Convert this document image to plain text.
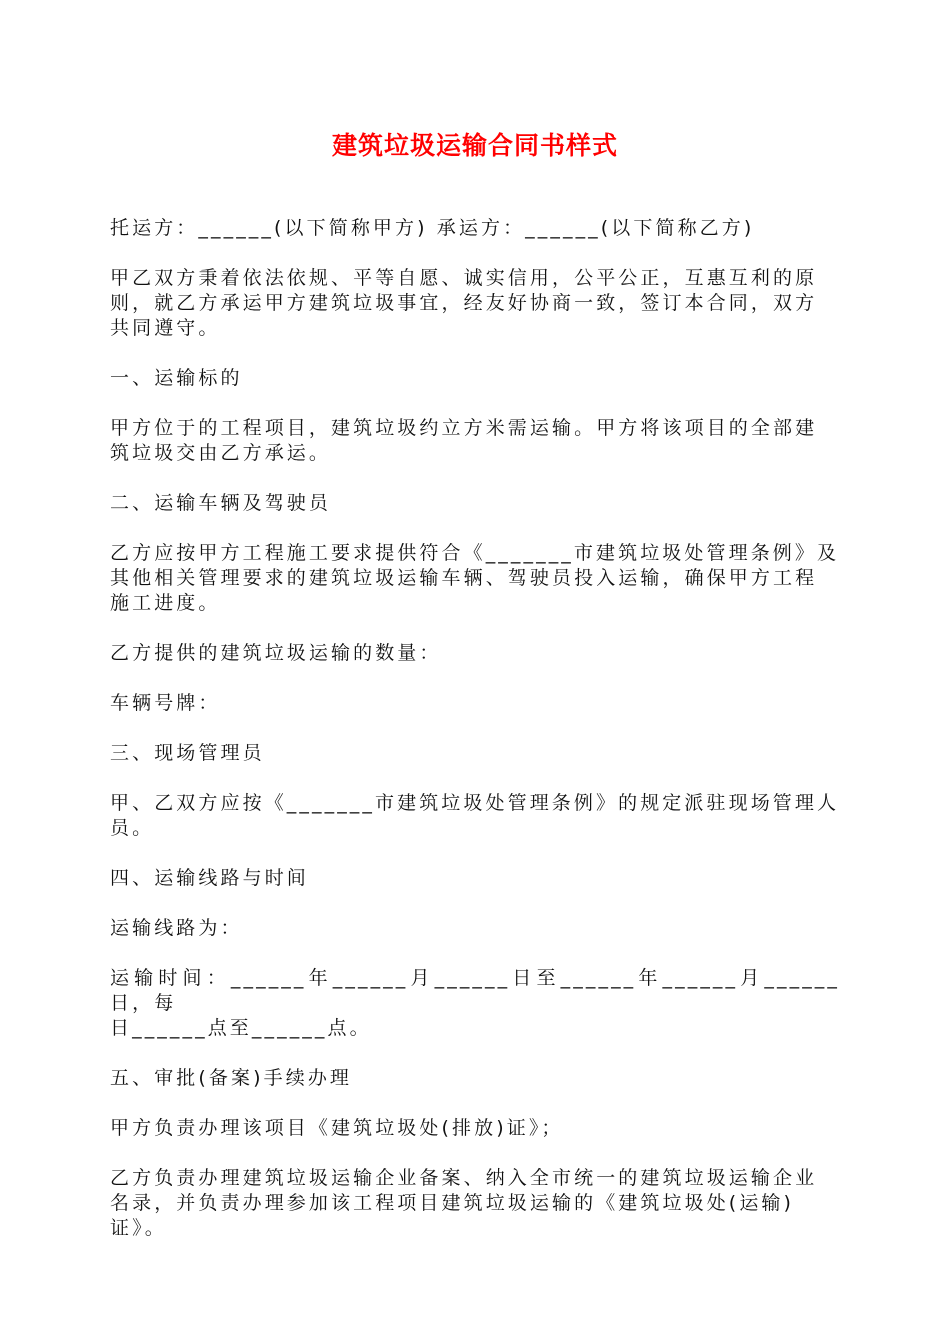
建筑垃圾运输合同书样式
托运方：______(以下简称甲方) 承运方：______(以下简称乙方)
甲乙双方秉着依法依规、平等自愿、诚实信用，公平公正，互惠互利的原
则，就乙方承运甲方建筑垃圾事宜，经友好协商一致，签订本合同，双方
共同遵守。
一、运输标的
甲方位于的工程项目，建筑垃圾约立方米需运输。甲方将该项目的全部建
筑垃圾交由乙方承运。
二、运输车辆及驾驶员
乙方应按甲方工程施工要求提供符合《_______市建筑垃圾处管理条例》及
其他相关管理要求的建筑垃圾运输车辆、驾驶员投入运输，确保甲方工程
施工进度。
乙方提供的建筑垃圾运输的数量：
车辆号牌：
三、现场管理员
甲、乙双方应按《_______市建筑垃圾处管理条例》的规定派驻现场管理人
员。
四、运输线路与时间
运输线路为：
运输时间：______年______月______日至______年______月______日，每
日______点至______点。
五、审批(备案)手续办理
甲方负责办理该项目《建筑垃圾处(排放)证》；
乙方负责办理建筑垃圾运输企业备案、纳入全市统一的建筑垃圾运输企业
名录，并负责办理参加该工程项目建筑垃圾运输的《建筑垃圾处(运输)
证》。
